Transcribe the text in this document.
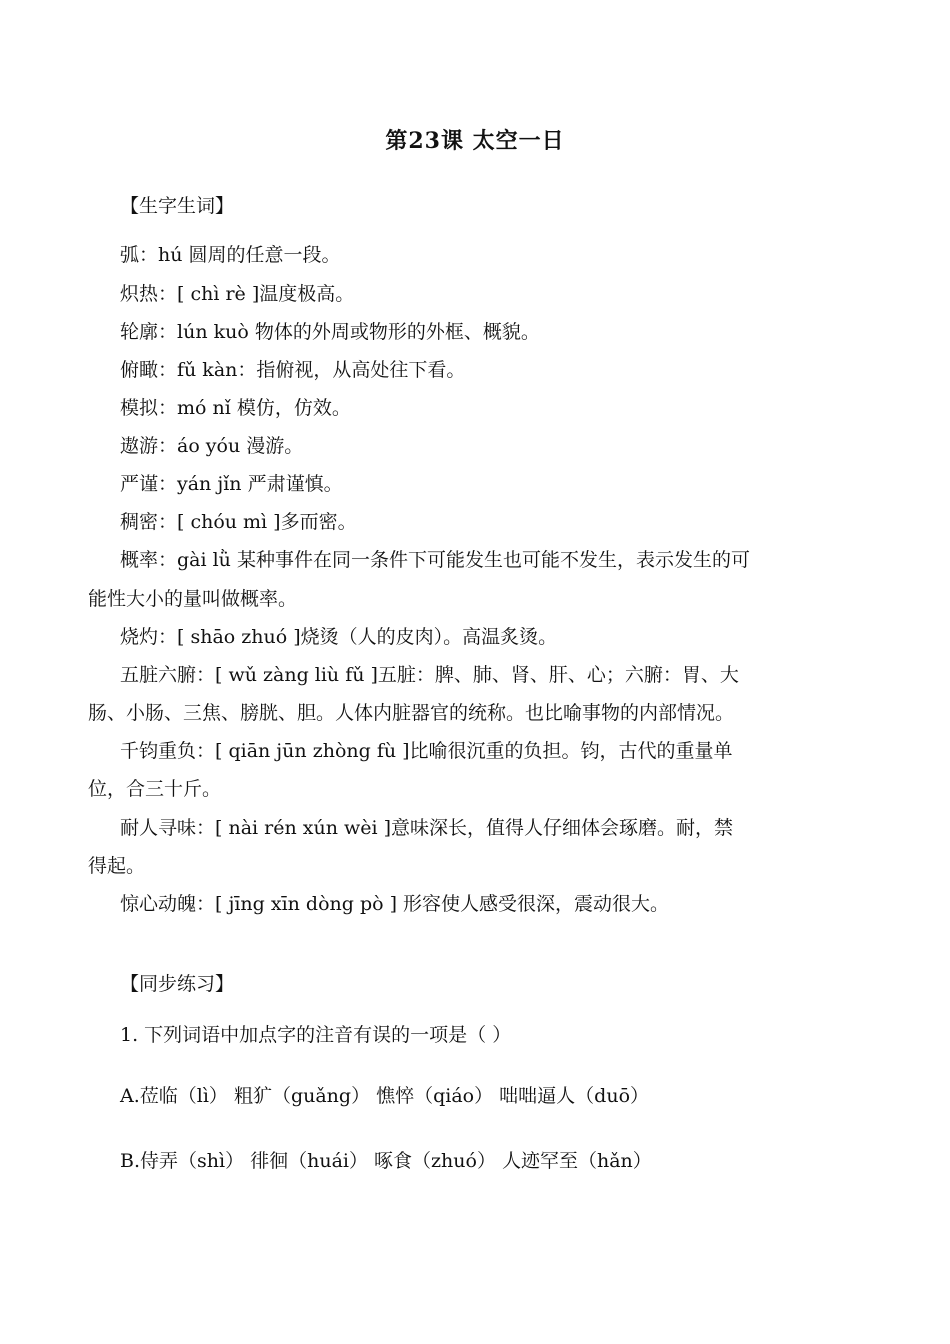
第23课 太空一日
【生字生词】
弧：hú 圆周的任意一段。
炽热：[ chì rè ]温度极高。
轮廓：lún kuò 物体的外周或物形的外框、概貌。
俯瞰：fǔ kàn：指俯视，从高处往下看。
模拟：mó nǐ 模仿，仿效。
遨游：áo yóu 漫游。
严谨：yán jǐn 严肃谨慎。
稠密：[ chóu mì ]多而密。
概率：gài lǜ 某种事件在同一条件下可能发生也可能不发生，表示发生的可
能性大小的量叫做概率。
烧灼：[ shāo zhuó ]烧烫（人的皮肉）。高温炙烫。
五脏六腑：[ wǔ zàng liù fǔ ]五脏：脾、肺、肾、肝、心；六腑：胃、大
肠、小肠、三焦、膀胱、胆。人体内脏器官的统称。也比喻事物的内部情况。
千钧重负：[ qiān jūn zhòng fù ]比喻很沉重的负担。钧，古代的重量单
位，合三十斤。
耐人寻味：[ nài rén xún wèi ]意味深长，值得人仔细体会琢磨。耐，禁
得起。
惊心动魄：[ jīng xīn dòng pò ] 形容使人感受很深，震动很大。
【同步练习】
1. 下列词语中加点字的注音有误的一项是（ ）
A.莅临（lì） 粗犷（guǎng） 憔悴（qiáo） 咄咄逼人（duō）
B.侍弄（shì） 徘徊（huái） 啄食（zhuó） 人迹罕至（hǎn）
